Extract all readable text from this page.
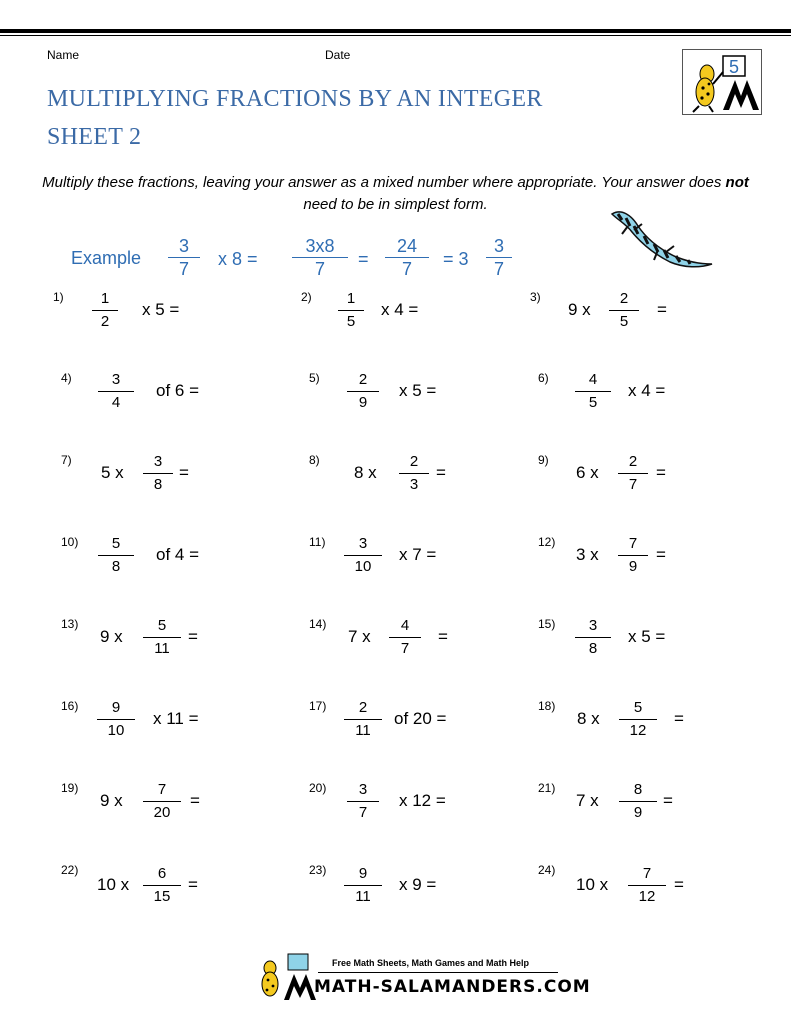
Name	Date
MULTIPLYING FRACTIONS BY AN INTEGER
SHEET 2
5
Multiply these fractions, leaving your answer as a mixed number where appropriate. Your answer does not need to be in simplest form.
Example
3
7	x 8 =
3x8
7	=
24
7	= 3
3
7
1)	1
2
x 5 =
2)	1
5
x 4 =
3)
9 x
2
5
=
4)	3
4
of 6 =
5)	2
9
x 5 =
6)	4
5
x 4 =
7)
5 x
3
8
=
8)
8 x
2
3
=
9)
6 x
2
7
=
10)	5
8
of 4 =
11)	3
10
x 7 =
12)
3 x
7
9
=
13)
9 x
5
11
=
14)
7 x
4
7
=
15)	3
8
x 5 =
16)	9
10
x 11 =
17)	2
11
of 20 =
18)
8 x
5
12
=
19)
9 x
7
20
=
20)	3
7
x 12 =
21)
7 x
8
9
=
22)
10 x
6
15
=
23)	9
11
x 9 =
24)
10 x
7
12
=
Free Math Sheets, Math Games and Math Help
MATH-SALAMANDERS.COM
